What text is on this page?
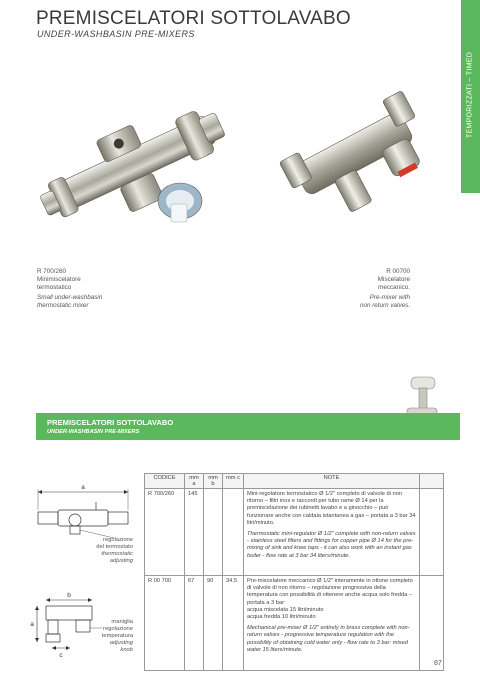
PREMISCELATORI SOTTOLAVABO
UNDER-WASHBASIN PRE-MIXERS
TEMPORIZZATI – TIMED
R 700/260
Minimiscelatore
termostatico
Small under-washbasin
thermostatic mixer
R 00700
Miscelatore
meccanico.
Pre-mixer with
non return valves.
PREMISCELATORI SOTTOLAVABO
UNDER-WASHBASIN PRE-MIXERS
a
regolazione
del termostato
thermostatic
adjusting
b
a
c
maniglia
regolazione
temperatura
adjusting
knob
CODICE	mm a	mm b	mm c	NOTE	
R 700/260	145			Mini-regolatore termostatico Ø 1/2" completo di valvole di non ritorno – filtri inox e raccordi per tubo rame Ø 14 per la premiscelazione dei rubinetti lavabo e a ginocchio – può funzionare anche con caldaia istantanea a gas – portata a 3 bar 34 litri/minuto.
Thermostatic mini-regulator Ø 1/2" complete with non-return valves - stainless steel filters and fittings for copper pipe Ø 14 for the pre-mixing of sink and knee taps - it can also work with an instant gas boiler - flow rate at 3 bar 34 liters/minute.	

R 00 700	67	90	34,5	Pre-miscelatore meccanico Ø 1/2" interamente in ottone completo di valvole di non ritorno – regolazione progressiva della temperatura con possibilità di ottenere anche acqua solo fredda – portata a 3 bar:
acqua miscelata 15 litri/minuto
acqua fredda 10 litri/minuto
Mechanical pre-mixer Ø 1/2" entirely in brass complete with non-return valves - progressive temperature regulation with the possibility of obtaining cold water only - flow rate to 3 bar: mixed water 15 liters/minute.	

87
